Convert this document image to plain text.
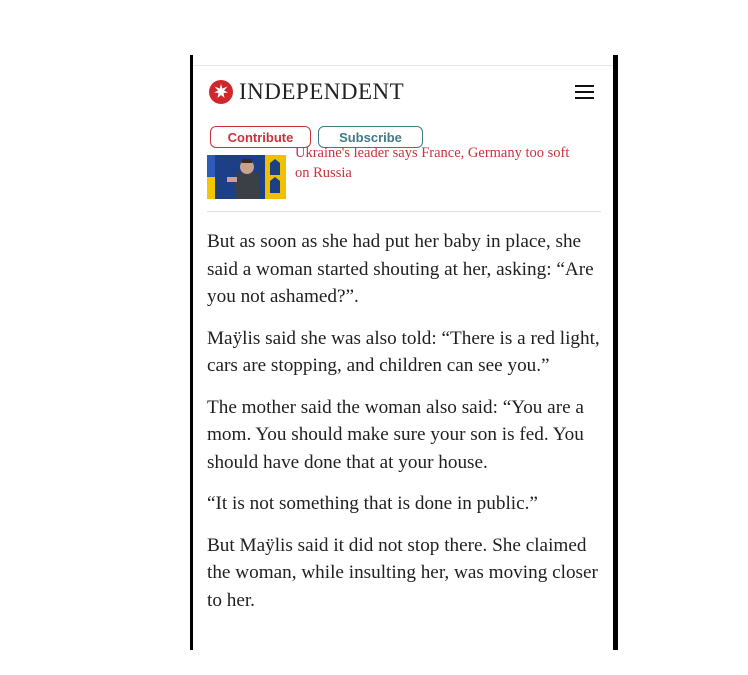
INDEPENDENT
Contribute	Subscribe
Ukraine's leader says France, Germany too soft
on Russia

But as soon as she had put her baby in place, she said a woman started shouting at her, asking: “Are you not ashamed?”.

Maÿlis said she was also told: “There is a red light, cars are stopping, and children can see you.”

The mother said the woman also said: “You are a mom. You should make sure your son is fed. You should have done that at your house.

“It is not something that is done in public.”

But Maÿlis said it did not stop there. She claimed the woman, while insulting her, was moving closer to her.
